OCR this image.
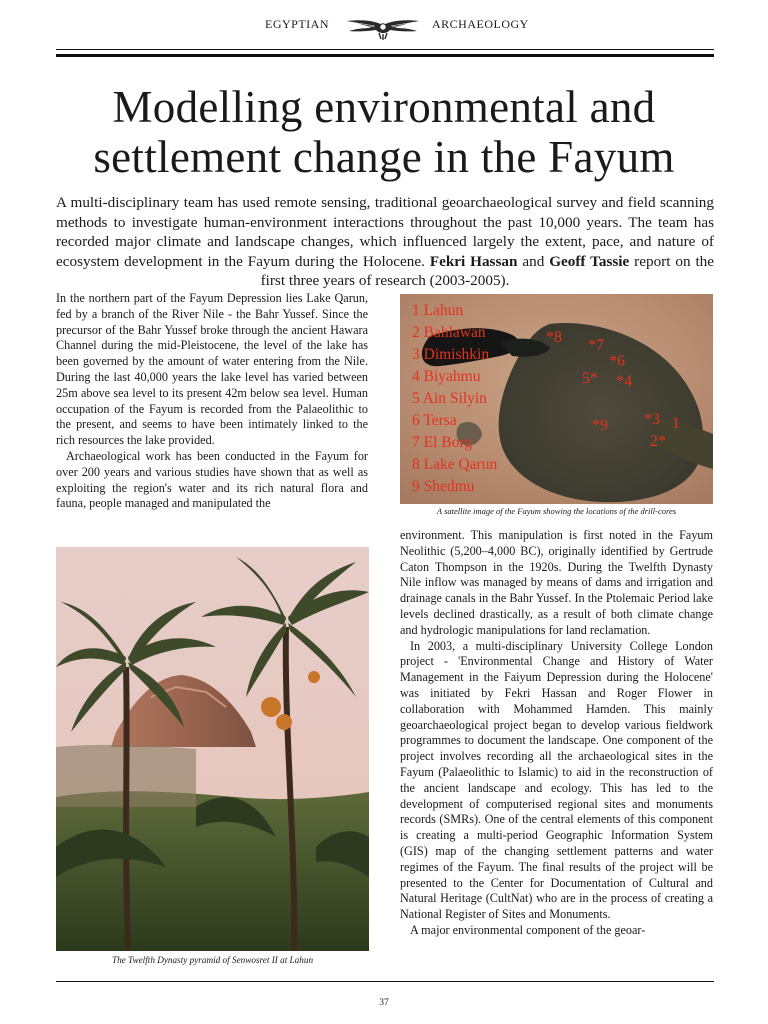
EGYPTIAN	ARCHAEOLOGY
Modelling environmental and
settlement change in the Fayum
A multi-disciplinary team has used remote sensing, traditional geoarchaeological survey and field scanning methods to investigate human-environment interactions throughout the past 10,000 years. The team has recorded major climate and landscape changes, which influenced largely the extent, pace, and nature of ecosystem development in the Fayum during the Holocene. Fekri Hassan and Geoff Tassie report on the first three years of research (2003-2005).

In the northern part of the Fayum Depression lies Lake Qarun, fed by a branch of the River Nile - the Bahr Yussef. Since the precursor of the Bahr Yussef broke through the ancient Hawara Channel during the mid-Pleistocene, the level of the lake has been governed by the amount of water entering from the Nile. During the last 40,000 years the lake level has varied between 25m above sea level to its present 42m below sea level. Human occupation of the Fayum is recorded from the Palaeolithic to the present, and seems to have been intimately linked to the rich resources the lake provided.

Archaeological work has been conducted in the Fayum for over 200 years and various studies have shown that as well as exploiting the region's water and its rich natural flora and fauna, people managed and manipulated the

1 Lahun
2 Bahlawan
3 Dimishkin
4 Biyahmu
5 Ain Silyin
6 Tersa
7 El Borg
8 Lake Qarun
9 Shedmu
*8 *7
*6
5* *4
*9 *3 1
2*
A satellite image of the Fayum showing the locations of the drill-cores
The Twelfth Dynasty pyramid of Senwosret II at Lahun

environment. This manipulation is first noted in the Fayum Neolithic (5,200–4,000 BC), originally identified by Gertrude Caton Thompson in the 1920s. During the Twelfth Dynasty Nile inflow was managed by means of dams and irrigation and drainage canals in the Bahr Yussef. In the Ptolemaic Period lake levels declined drastically, as a result of both climate change and hydrologic manipulations for land reclamation.

In 2003, a multi-disciplinary University College London project - 'Environmental Change and History of Water Management in the Faiyum Depression during the Holocene' was initiated by Fekri Hassan and Roger Flower in collaboration with Mohammed Hamden. This mainly geoarchaeological project began to develop various fieldwork programmes to document the landscape. One component of the project involves recording all the archaeological sites in the Fayum (Palaeolithic to Islamic) to aid in the reconstruction of the ancient landscape and ecology. This has led to the development of computerised regional sites and monuments records (SMRs). One of the central elements of this component is creating a multi-period Geographic Information System (GIS) map of the changing settlement patterns and water regimes of the Fayum. The final results of the project will be presented to the Center for Documentation of Cultural and Natural Heritage (CultNat) who are in the process of creating a National Register of Sites and Monuments.

A major environmental component of the geoar-

37
